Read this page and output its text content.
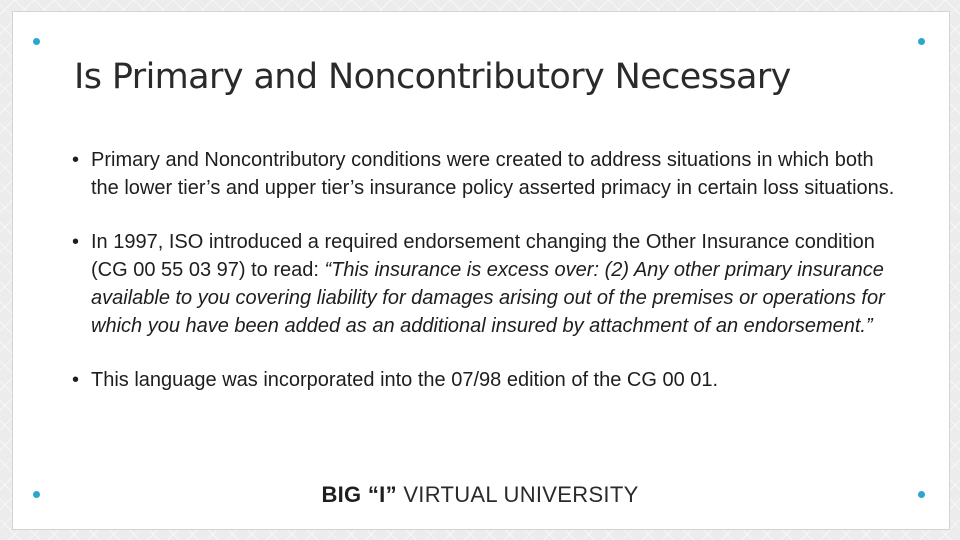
Is Primary and Noncontributory Necessary
• Primary and Noncontributory conditions were created to address situations in which both the lower tier’s and upper tier’s insurance policy asserted primacy in certain loss situations.
• In 1997, ISO introduced a required endorsement changing the Other Insurance condition (CG 00 55 03 97) to read: “This insurance is excess over: (2) Any other primary insurance available to you covering liability for damages arising out of the premises or operations for which you have been added as an additional insured by attachment of an endorsement.”
• This language was incorporated into the 07/98 edition of the CG 00 01.
BIG “I” VIRTUAL UNIVERSITY
